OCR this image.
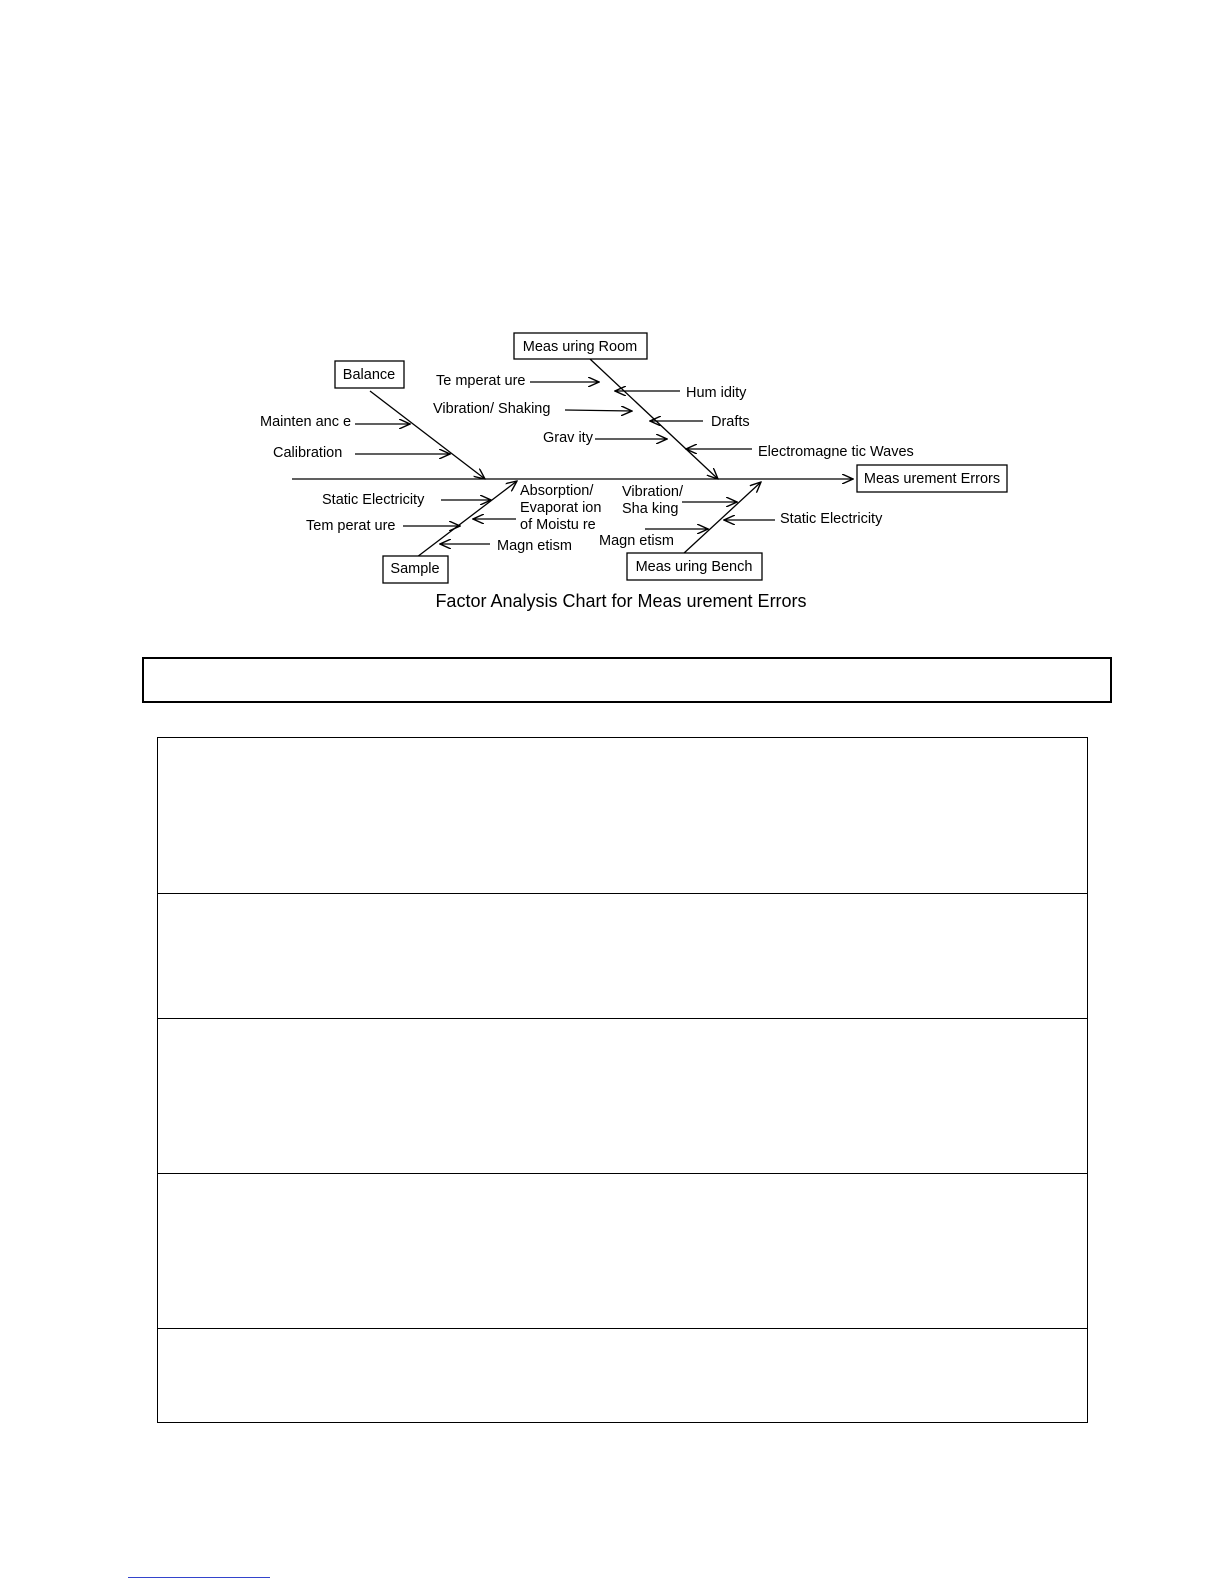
Meas urement Errors
Balance
Meas uring Room
Sample	Meas uring Bench
Mainten anc e
Calibration
Te mperat ure
Vibration/ Shaking
Grav ity
Hum idity
Drafts
Electromagne tic Waves
Static Electricity
Tem perat ure
Absorption/
Evaporat ion
of Moistu re
Magn etism
Vibration/
Sha king
Magn etism
Static Electricity
Factor Analysis Chart for Meas urement Errors
